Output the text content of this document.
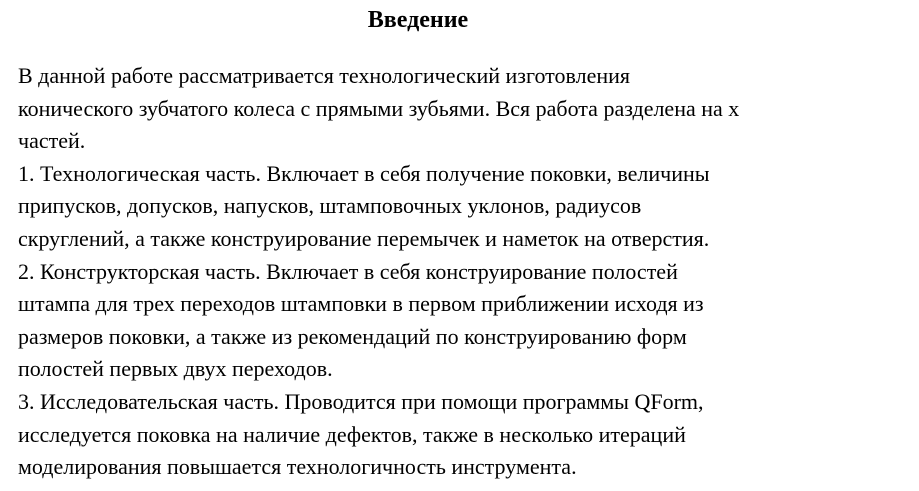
Введение
В данной работе рассматривается технологический изготовления
конического зубчатого колеса с прямыми зубьями. Вся работа разделена на х
частей.
1. Технологическая часть. Включает в себя получение поковки, величины
припусков, допусков, напусков, штамповочных уклонов, радиусов
скруглений, а также конструирование перемычек и наметок на отверстия.
2. Конструкторская часть. Включает в себя конструирование полостей
штампа для трех переходов штамповки в первом приближении исходя из
размеров поковки, а также из рекомендаций по конструированию форм
полостей первых двух переходов.
3. Исследовательская часть. Проводится при помощи программы QForm,
исследуется поковка на наличие дефектов, также в несколько итераций
моделирования повышается технологичность инструмента.
